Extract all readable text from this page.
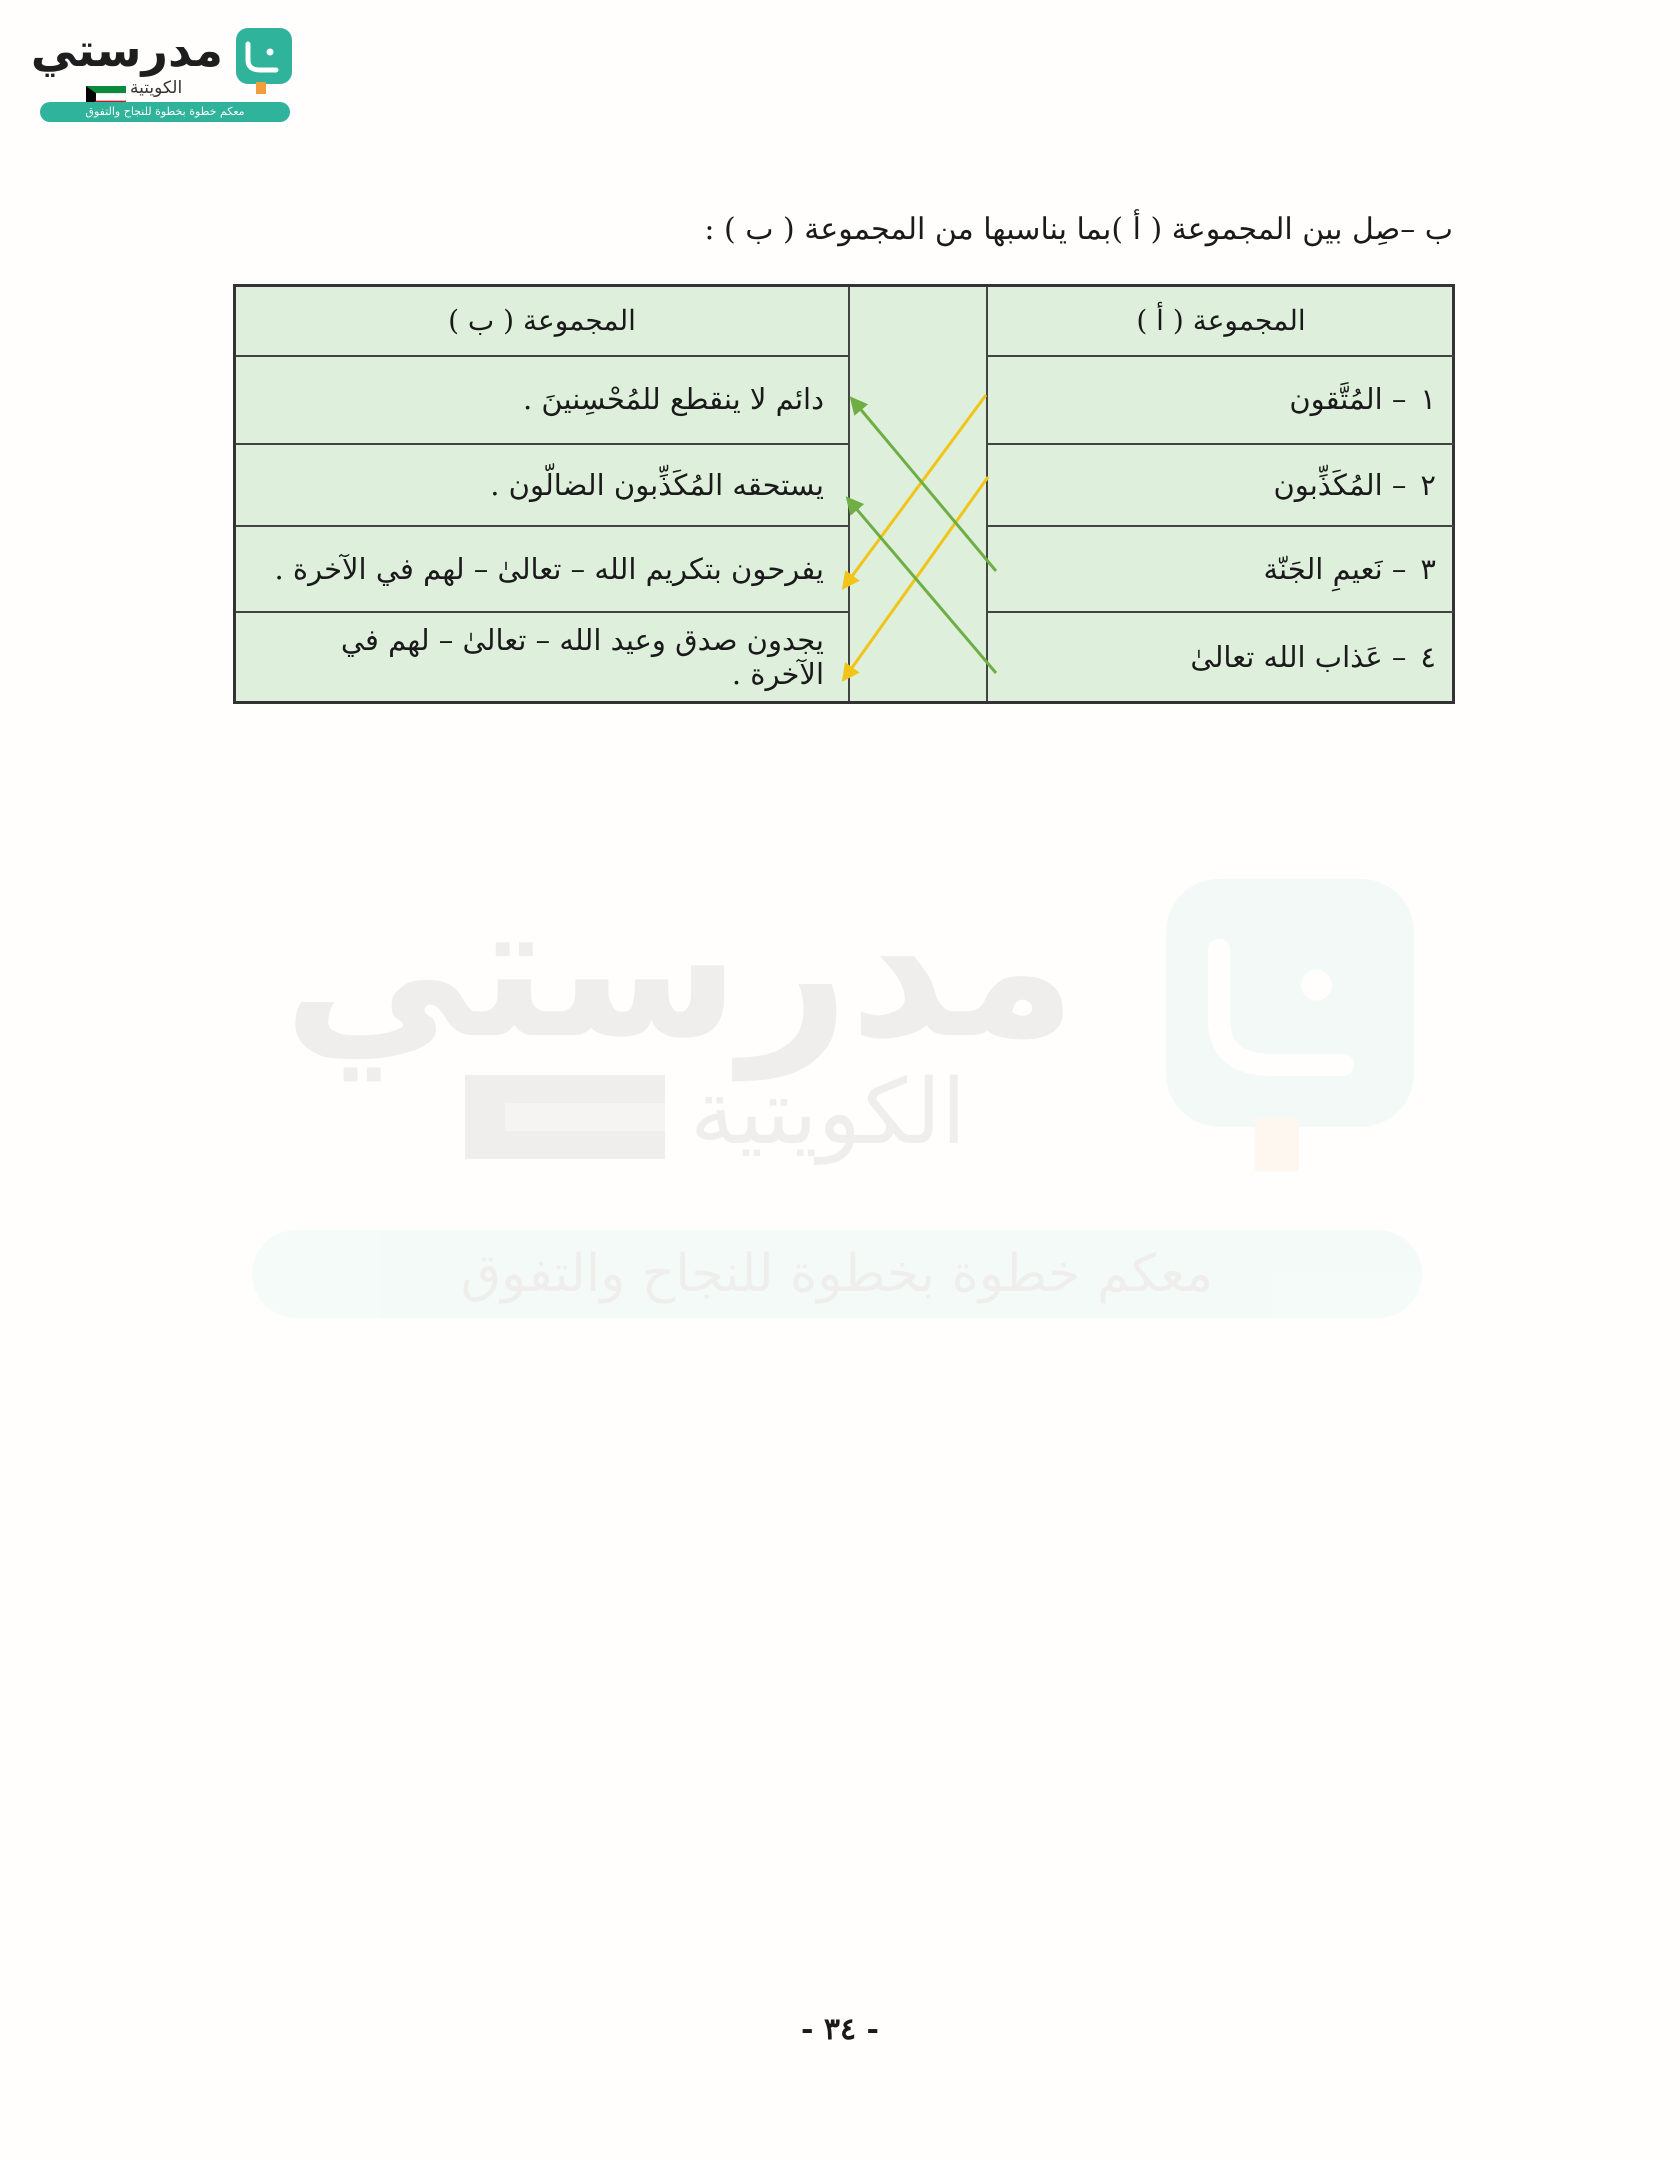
مدرستي
الكويتية
معكم خطوة بخطوة للنجاح والتفوق
مدرستي
الكويتية
معكم خطوة بخطوة للنجاح والتفوق
ب –صِل بين المجموعة ( أ )بما يناسبها من المجموعة ( ب ) :
المجموعة ( ب )
دائم لا ينقطع للمُحْسِنينَ .
يستحقه المُكَذِّبون الضالّون .
يفرحون بتكريم الله – تعالىٰ – لهم في الآخرة .
يجدون صدق وعيد الله – تعالىٰ – لهم في الآخرة .
المجموعة ( أ )
١
–
المُتَّقون
٢
–
المُكَذِّبون
٣
–
نَعيمِ الجَنّة
٤
–
عَذاب الله تعالىٰ
- ٣٤ -
